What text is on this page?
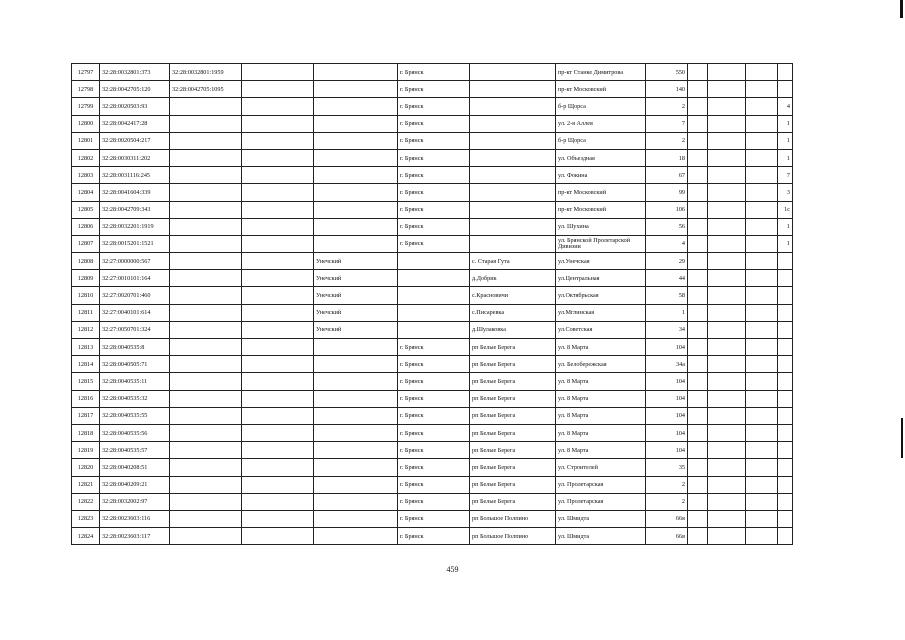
12797	32:28:0032801:373	32:28:0032801:1959			г. Брянск		пр-кт Станке Димитрова	550				
12798	32:28:0042705:120	32:28:0042705:1095			г. Брянск		пр-кт Московский	140				
12799	32:28:0020503:93				г. Брянск		б-р Щорса	2				4
12800	32:28:0042417:28				г. Брянск		ул. 2-я Аллея	7				1
12801	32:28:0020504:217				г. Брянск		б-р Щорса	2				1
12802	32:28:0030311:202				г. Брянск		ул. Объездная	18				1
12803	32:28:0031116:245				г. Брянск		ул. Фокина	67				7
12804	32:28:0041604:339				г. Брянск		пр-кт Московский	99				3
12805	32:28:0042709:343				г. Брянск		пр-кт Московский	106				1с
12806	32:28:0032201:1919				г. Брянск		ул. Шухина	56				1
12807	32:28:0015201:1521				г. Брянск		ул. Брянской Пролетарской Дивизии	4				1
12808	32:27:0000000:567			Унечский		с. Старая Гута	ул.Унечская	29				
12809	32:27:0010101:164			Унечский		д.Добрик	ул.Центральная	44				
12810	32:27:0020701:460			Унечский		с.Красновичи	ул.Октябрьская	58				
12811	32:27:0040101:614			Унечский		с.Писаревка	ул.Мглинская	1				
12812	32:27:0050701:324			Унечский		д.Шулаковка	ул.Советская	34				
12813	32:28:0040535:8				г. Брянск	рп Белые Берега	ул. 8 Марта	104				
12814	32:28:0040505:71				г. Брянск	рп Белые Берега	ул. Белобережская	34а				
12815	32:28:0040535:11				г. Брянск	рп Белые Берега	ул. 8 Марта	104				
12816	32:28:0040535:32				г. Брянск	рп Белые Берега	ул. 8 Марта	104				
12817	32:28:0040535:55				г. Брянск	рп Белые Берега	ул. 8 Марта	104				
12818	32:28:0040535:56				г. Брянск	рп Белые Берега	ул. 8 Марта	104				
12819	32:28:0040535:57				г. Брянск	рп Белые Берега	ул. 8 Марта	104				
12820	32:28:0040208:51				г. Брянск	рп Белые Берега	ул. Строителей	35				
12821	32:28:0040209:21				г. Брянск	рп Белые Берега	ул. Пролетарская	2				
12822	32:28:0032002:97				г. Брянск	рп Белые Берега	ул. Пролетарская	2				
12823	32:28:0023603:116				г. Брянск	рп Большое Полпино	ул. Шмидта	66в				
12824	32:28:0023603:117				г. Брянск	рп Большое Полпино	ул. Шмидта	66в				
459
